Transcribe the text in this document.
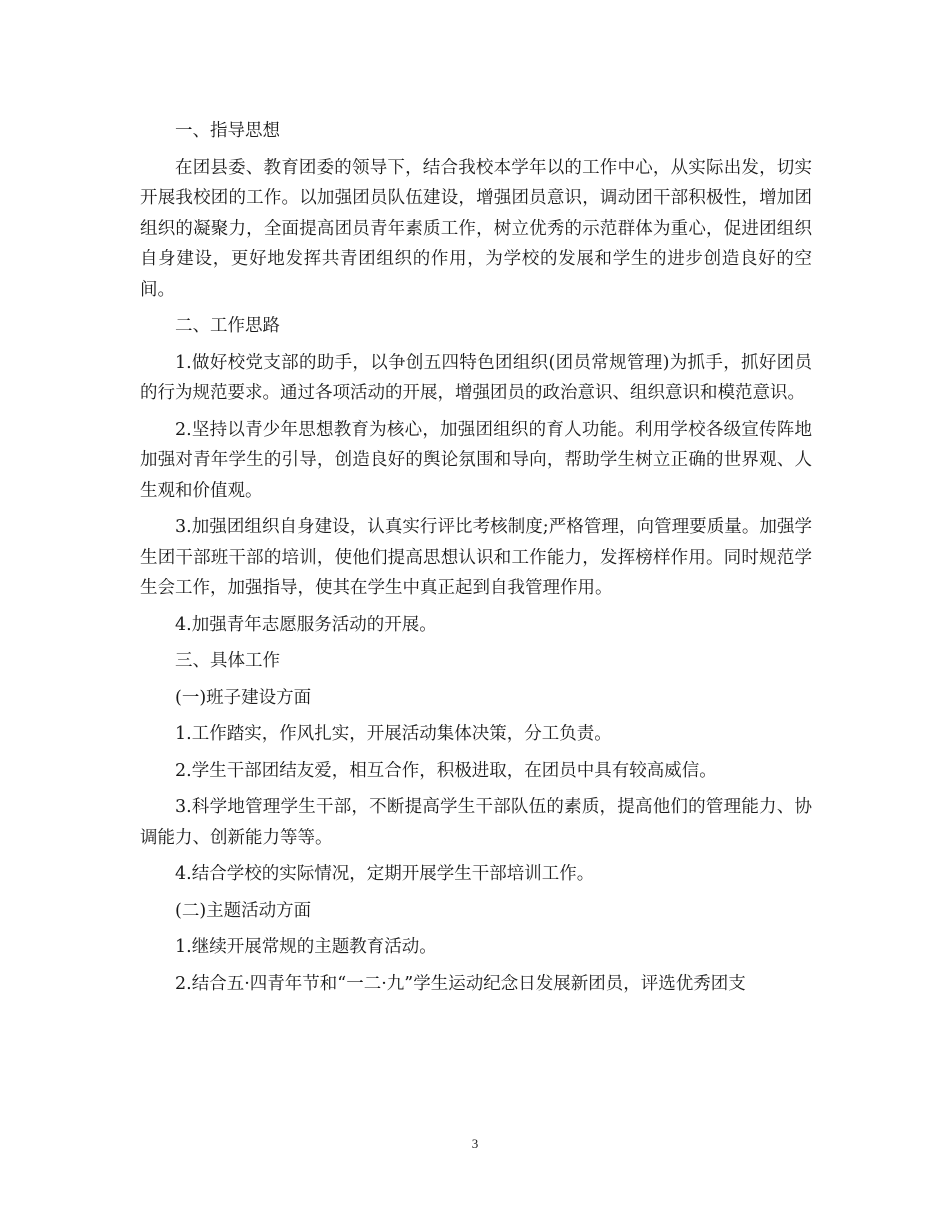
一、指导思想

在团县委、教育团委的领导下，结合我校本学年以的工作中心，从实际出发，切实开展我校团的工作。以加强团员队伍建设，增强团员意识，调动团干部积极性，增加团组织的凝聚力，全面提高团员青年素质工作，树立优秀的示范群体为重心，促进团组织自身建设，更好地发挥共青团组织的作用，为学校的发展和学生的进步创造良好的空间。

二、工作思路

1.做好校党支部的助手，以争创五四特色团组织(团员常规管理)为抓手，抓好团员的行为规范要求。通过各项活动的开展，增强团员的政治意识、组织意识和模范意识。

2.坚持以青少年思想教育为核心，加强团组织的育人功能。利用学校各级宣传阵地加强对青年学生的引导，创造良好的舆论氛围和导向，帮助学生树立正确的世界观、人生观和价值观。

3.加强团组织自身建设，认真实行评比考核制度;严格管理，向管理要质量。加强学生团干部班干部的培训，使他们提高思想认识和工作能力，发挥榜样作用。同时规范学生会工作，加强指导，使其在学生中真正起到自我管理作用。

4.加强青年志愿服务活动的开展。

三、具体工作

(一)班子建设方面

1.工作踏实，作风扎实，开展活动集体决策，分工负责。

2.学生干部团结友爱，相互合作，积极进取，在团员中具有较高威信。

3.科学地管理学生干部，不断提高学生干部队伍的素质，提高他们的管理能力、协调能力、创新能力等等。

4.结合学校的实际情况，定期开展学生干部培训工作。

(二)主题活动方面

1.继续开展常规的主题教育活动。

2.结合五·四青年节和“一二·九”学生运动纪念日发展新团员，评选优秀团支

3
